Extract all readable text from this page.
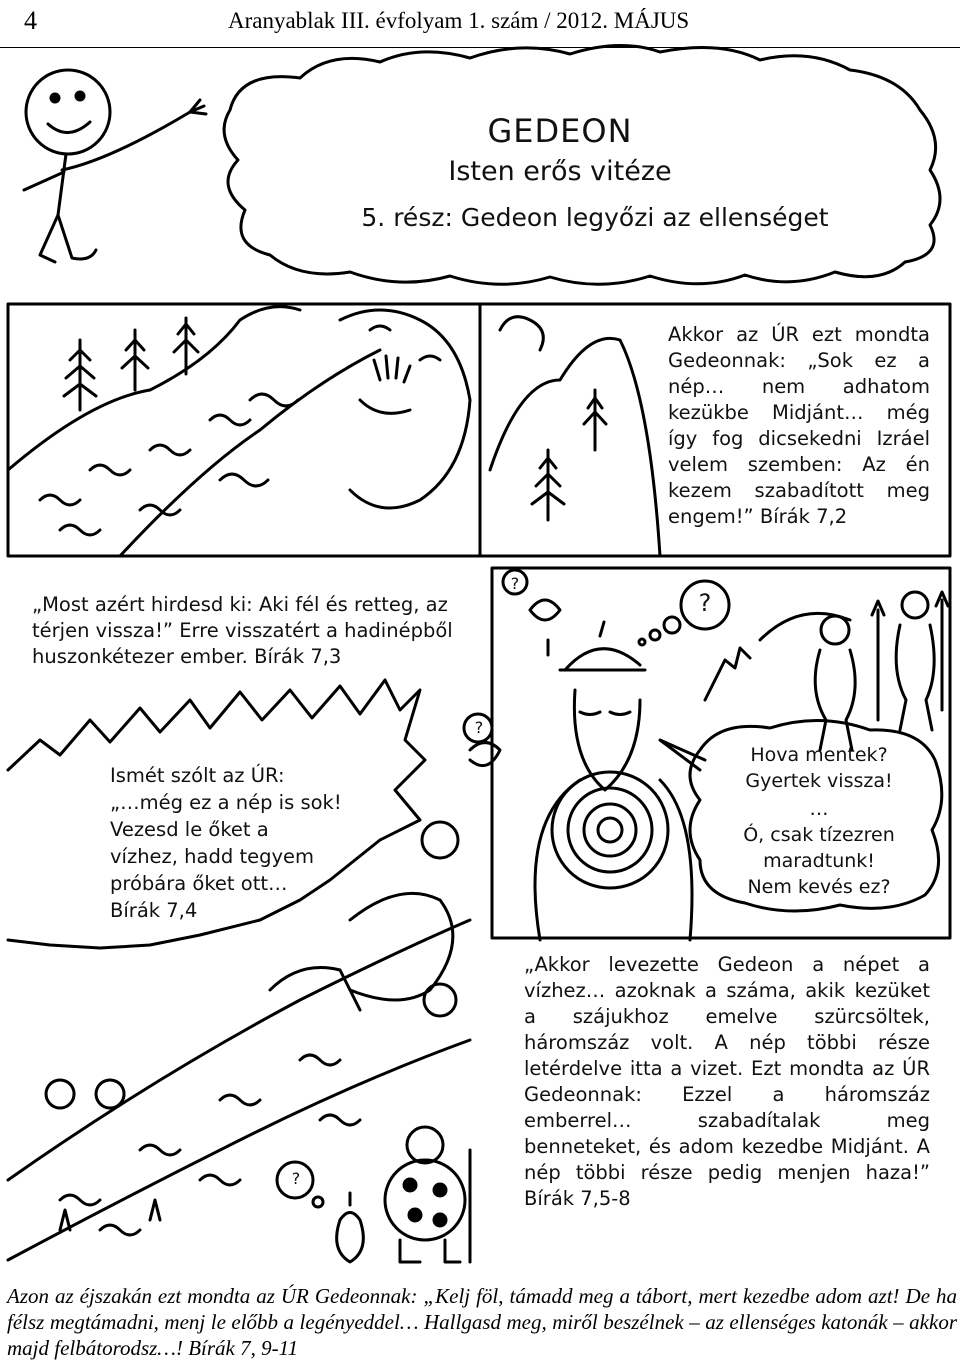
4	Aranyablak III. évfolyam 1. szám / 2012. MÁJUS
GEDEON
Isten erős vitéze
5. rész: Gedeon legyőzi az ellenséget
Akkor az ÚR ezt mondta Gedeonnak: „Sok ez a nép… nem adhatom kezükbe Midjánt… még így fog dicsekedni Izráel velem szemben: Az én kezem szabadított meg engem!” Bírák 7,2
„Most azért hirdesd ki: Aki fél és retteg, az térjen vissza!” Erre visszatért a hadinépből huszonkétezer ember. Bírák 7,3
?
?
?
?
Hova mentek?
Gyertek vissza!
…
Ó, csak tízezren
maradtunk!
Nem kevés ez?
Ismét szólt az ÚR:
„…még ez a nép is sok!
Vezesd le őket a
vízhez, hadd tegyem
próbára őket ott…
Bírák 7,4
„Akkor levezette Gedeon a népet a vízhez… azoknak a száma, akik kezüket a szájukhoz emelve szürcsöltek, háromszáz volt. A nép többi része letérdelve itta a vizet. Ezt mondta az ÚR Gedeonnak: Ezzel a háromszáz emberrel… szabadítalak meg benneteket, és adom kezedbe Midjánt. A nép többi része pedig menjen haza!” Bírák 7,5-8
Azon az éjszakán ezt mondta az ÚR Gedeonnak: „Kelj föl, támadd meg a tábort, mert kezedbe adom azt! De ha félsz megtámadni, menj le előbb a legényeddel… Hallgasd meg, miről beszélnek – az ellenséges katonák – akkor majd felbátorodsz…! Bírák 7, 9-11
